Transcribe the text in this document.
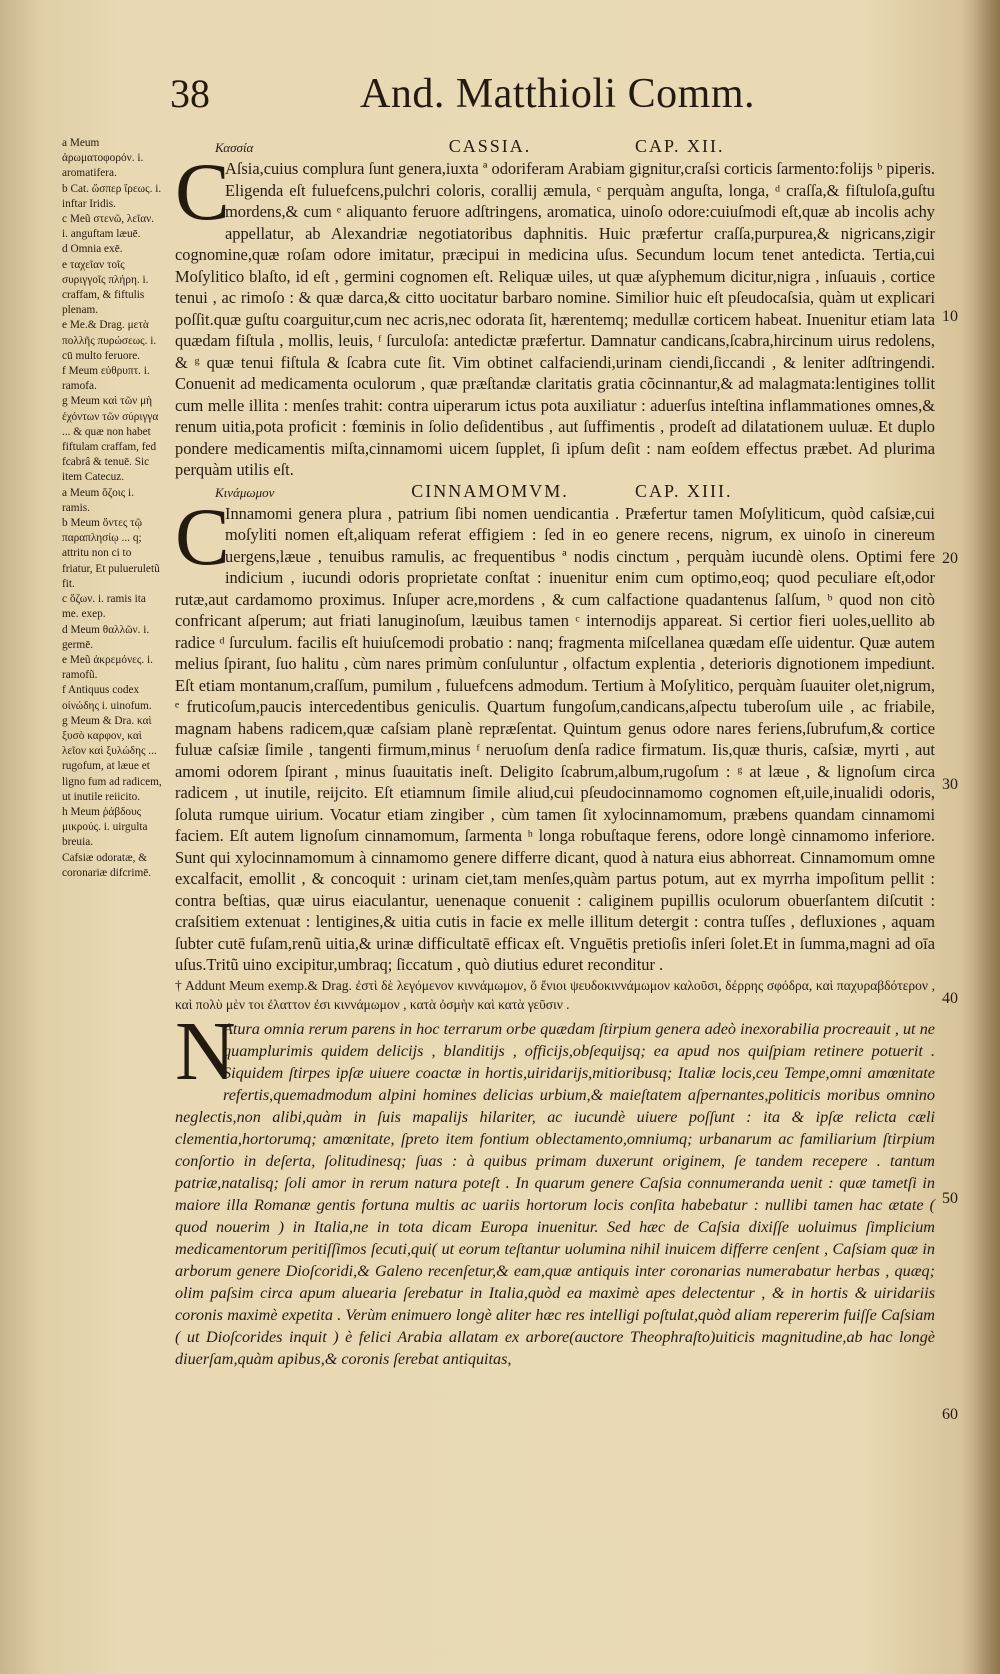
38	And. Matthioli Comm.
a Meum ἀρωματοφορόν. i. aromatifera.
b Cat. ὥσπερ ἴρεως. i. inftar Iridis.
c Meũ στενῶ, λεῖαν. i. anguftam læuē.
d Omnia exē.
e ταχεῖαν τοῖς συριγγοῖς πλήρη. i. craffam, & fiftulis plenam.
e Me.& Drag. μετὰ πολλῆς πυρώσεως. i. cū multo feruore.
f Meum εὐθρυπτ. i. ramofa.
g Meum καὶ τῶν μὴ ἐχόντων τῶν σύριγγα ... & quæ non habet fiftulam craffam, fed fcabrâ & tenuē. Sic item Catecuz.
a Meum ὄζοις i. ramis.
b Meum ὄντες τῷ παραπλησίῳ ... q; attritu non ci to friatur, Et pulueruletũ fit.
c ὄζων. i. ramis ita me. exep.
d Meum θαλλῶν. i. germē.
e Meũ ἀκρεμόνες. i. ramofũ.
f Antiquus codex οἰνώδης i. uinofum.
g Meum & Dra. καὶ ξυσὸ καρφον, καὶ λεῖον καὶ ξυλώδης ... rugofum, at læue et ligno fum ad radicem, ut inutile reiicito.
h Meum ῥάβδους μικρούς. i. uirgulta breuia.
Cafsiæ odoratæ, & coronariæ difcrimē.
10
20
30
40
50
60
Κασσία	CASSIA.	CAP. XII.
C

Aſsia,cuius complura ſunt genera,iuxta ª odoriferam Arabiam gignitur,craſsi corticis ſarmento:folijs ᵇ piperis. Eligenda eſt fuluefcens,pulchri coloris, corallij æmula, ᶜ perquàm anguſta, longa, ᵈ craſſa,& fiſtuloſa,guſtu mordens,& cum ᵉ aliquanto feruore adſtringens, aromatica, uinoſo odore:cuiuſmodi eſt,quæ ab incolis achy appellatur, ab Alexandriæ negotiatoribus daphnitis. Huic præfertur craſſa,purpurea,& nigricans,zigir cognomine,quæ roſam odore imitatur, præcipui in medicina uſus. Secundum locum tenet antedicta. Tertia,cui Moſylitico blaſto, id eſt , germini cognomen eſt. Reliquæ uiles, ut quæ aſyphemum dicitur,nigra , inſuauis , cortice tenui , ac rimoſo : & quæ darca,& citto uocitatur barbaro nomine. Similior huic eſt pſeudocaſsia, quàm ut explicari poſſit.quæ guſtu coarguitur,cum nec acris,nec odorata ſit, hærentemq; medullæ corticem habeat. Inuenitur etiam lata quædam fiſtula , mollis, leuis, ᶠ ſurculoſa: antedictæ præfertur. Damnatur candicans,ſcabra,hircinum uirus redolens, & ᵍ quæ tenui fiſtula & ſcabra cute ſit. Vim obtinet calfaciendi,urinam ciendi,ſiccandi , & leniter adſtringendi. Conuenit ad medicamenta oculorum , quæ præſtandæ claritatis gratia cõcinnantur,& ad malagmata:lentigines tollit cum melle illita : menſes trahit: contra uiperarum ictus pota auxiliatur : aduerſus inteſtina inflammationes omnes,& renum uitia,pota proficit : fœminis in ſolio deſidentibus , aut ſuffimentis , prodeſt ad dilatationem uuluæ. Et duplo pondere medicamentis miſta,cinnamomi uicem ſupplet, ſi ipſum deſit : nam eoſdem effectus præbet. Ad plurima perquàm utilis eſt.

Κινάμωμον	CINNAMOMVM.	CAP. XIII.
C

Innamomi genera plura , patrium ſibi nomen uendicantia . Præfertur tamen Moſyliticum, quòd caſsiæ,cui moſyliti nomen eſt,aliquam referat effigiem : ſed in eo genere recens, nigrum, ex uinoſo in cinereum uergens,læue , tenuibus ramulis, ac frequentibus ª nodis cinctum , perquàm iucundè olens. Optimi fere indicium , iucundi odoris proprietate conſtat : inuenitur enim cum optimo,eoq; quod peculiare eſt,odor rutæ,aut cardamomo proximus. Inſuper acre,mordens , & cum calfactione quadantenus ſalſum, ᵇ quod non citò confricant aſperum; aut friati lanuginoſum, læuibus tamen ᶜ internodijs appareat. Si certior fieri uoles,uellito ab radice ᵈ ſurculum. facilis eſt huiuſcemodi probatio : nanq; fragmenta miſcellanea quædam eſſe uidentur. Quæ autem melius ſpirant, ſuo halitu , cùm nares primùm conſuluntur , olfactum explentia , deterioris dignotionem impediunt. Eſt etiam montanum,craſſum, pumilum , fuluefcens admodum. Tertium à Moſylitico, perquàm ſuauiter olet,nigrum, ᵉ fruticoſum,paucis intercedentibus geniculis. Quartum fungoſum,candicans,aſpectu tuberoſum uile , ac friabile, magnam habens radicem,quæ caſsiam planè repræſentat. Quintum genus odore nares feriens,ſubrufum,& cortice fuluæ caſsiæ ſimile , tangenti firmum,minus ᶠ neruoſum denſa radice firmatum. Iis,quæ thuris, caſsiæ, myrti , aut amomi odorem ſpirant , minus ſuauitatis ineſt. Deligito ſcabrum,album,rugoſum : ᵍ at læue , & lignoſum circa radicem , ut inutile, reijcito. Eſt etiamnum ſimile aliud,cui pſeudocinnamomo cognomen eſt,uile,inualidi odoris, ſoluta rumque uirium. Vocatur etiam zingiber , cùm tamen ſit xylocinnamomum, præbens quandam cinnamomi faciem. Eſt autem lignoſum cinnamomum, ſarmenta ʰ longa robuſtaque ferens, odore longè cinnamomo inferiore. Sunt qui xylocinnamomum à cinnamomo genere differre dicant, quod à natura eius abhorreat. Cinnamomum omne excalfacit, emollit , & concoquit : urinam ciet,tam menſes,quàm partus potum, aut ex myrrha impoſitum pellit : contra beſtias, quæ uirus eiaculantur, uenenaque conuenit : caliginem pupillis oculorum obuerſantem diſcutit : craſsitiem extenuat : lentigines,& uitia cutis in facie ex melle illitum detergit : contra tuſſes , defluxiones , aquam ſubter cutē fuſam,renũ uitia,& urinæ difficultatē efficax eſt. Vnguētis pretioſis inſeri ſolet.Et in ſumma,magni ad oīa uſus.Tritũ uino excipitur,umbraq; ſiccatum , quò diutius eduret reconditur .

† Addunt Meum exemp.& Drag. ἐστὶ δὲ λεγόμενον κιννάμωμον, ὅ ἔνιοι ψευδοκιννάμωμον καλοῦσι, δέρρης σφόδρα, καὶ παχυραβδότερον , καὶ πολὺ μὲν τοι ἐλαττον ἐσι κιννάμωμον , κατὰ ὀσμὴν καὶ κατὰ γεῦσιν .

N

Atura omnia rerum parens in hoc terrarum orbe quædam ſtirpium genera adeò inexorabilia procreauit , ut ne quamplurimis quidem delicijs , blanditijs , officijs,obſequijsq; ea apud nos quiſpiam retinere potuerit . Siquidem ſtirpes ipſæ uiuere coactæ in hortis,uiridarijs,mitioribusq; Italiæ locis,ceu Tempe,omni amœnitate refertis,quemadmodum alpini homines delicias urbium,& maieſtatem aſpernantes,politicis moribus omnino neglectis,non alibi,quàm in ſuis mapalijs hilariter, ac iucundè uiuere poſſunt : ita & ipſæ relicta cæli clementia,hortorumq; amœnitate, ſpreto item fontium oblectamento,omniumq; urbanarum ac familiarium ſtirpium conſortio in deſerta, ſolitudinesq; ſuas : à quibus primam duxerunt originem, ſe tandem recepere . tantum patriæ,natalisq; ſoli amor in rerum natura poteſt . In quarum genere Caſsia connumeranda uenit : quæ tametſi in maiore illa Romanæ gentis fortuna multis ac uariis hortorum locis conſita habebatur : nullibi tamen hac ætate ( quod nouerim ) in Italia,ne in tota dicam Europa inuenitur. Sed hæc de Caſsia dixiſſe uoluimus ſimplicium medicamentorum peritiſſimos ſecuti,qui( ut eorum teſtantur uolumina nihil inuicem differre cenſent , Caſsiam quæ in arborum genere Dioſcoridi,& Galeno recenſetur,& eam,quæ antiquis inter coronarias numerabatur herbas , quæq; olim paſsim circa apum aluearia ſerebatur in Italia,quòd ea maximè apes delectentur , & in hortis & uiridariis coronis maximè expetita . Verùm enimuero longè aliter hæc res intelligi poſtulat,quòd aliam repererim fuiſſe Caſsiam ( ut Dioſcorides inquit ) è felici Arabia allatam ex arbore(auctore Theophraſto)uiticis magnitudine,ab hac longè diuerſam,quàm apibus,& coronis ſerebat antiquitas,
